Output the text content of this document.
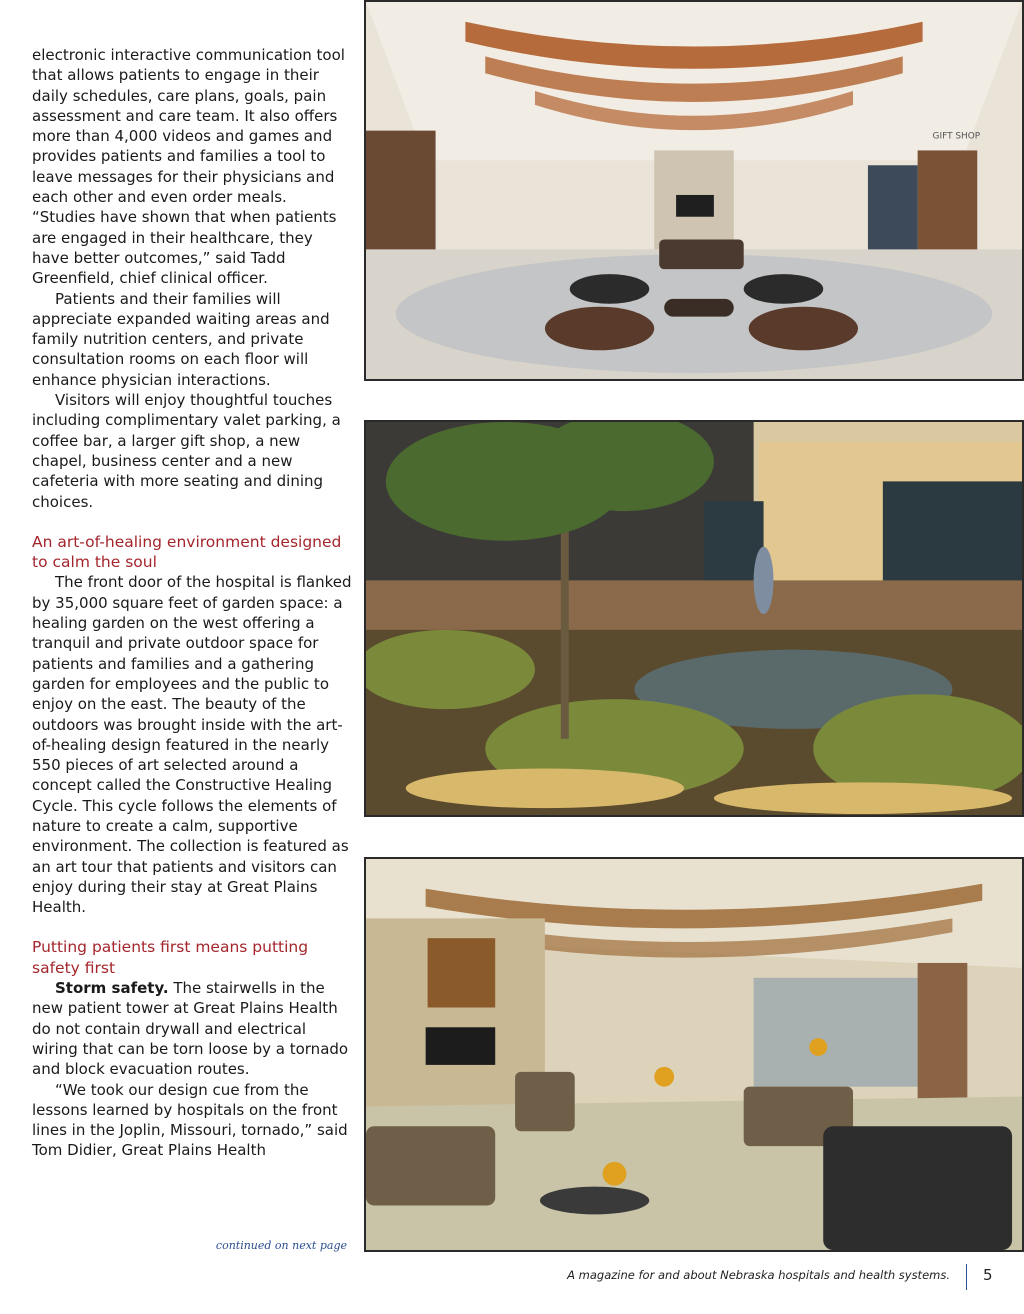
electronic interactive communication tool that allows patients to engage in their daily schedules, care plans, goals, pain assessment and care team. It also offers more than 4,000 videos and games and provides patients and families a tool to leave messages for their physicians and each other and even order meals. “Studies have shown that when patients are engaged in their healthcare, they have better outcomes,” said Tadd Greenfield, chief clinical officer.

Patients and their families will appreciate expanded waiting areas and family nutrition centers, and private consultation rooms on each floor will enhance physician interactions.

Visitors will enjoy thoughtful touches including complimentary valet parking, a coffee bar, a larger gift shop, a new chapel, business center and a new cafeteria with more seating and dining choices.

An art-of-healing environment designed to calm the soul

The front door of the hospital is flanked by 35,000 square feet of garden space: a healing garden on the west offering a tranquil and private outdoor space for patients and families and a gathering garden for employees and the public to enjoy on the east. The beauty of the outdoors was brought inside with the art-of-healing design featured in the nearly 550 pieces of art selected around a concept called the Constructive Healing Cycle. This cycle follows the elements of nature to create a calm, supportive environment. The collection is featured as an art tour that patients and visitors can enjoy during their stay at Great Plains Health.

Putting patients first means putting safety first

Storm safety. The stairwells in the new patient tower at Great Plains Health do not contain drywall and electrical wiring that can be torn loose by a tornado and block evacuation routes.

“We took our design cue from the lessons learned by hospitals on the front lines in the Joplin, Missouri, tornado,” said Tom Didier, Great Plains Health

continued on next page
GIFT SHOP
A magazine for and about Nebraska hospitals and health systems. 5
